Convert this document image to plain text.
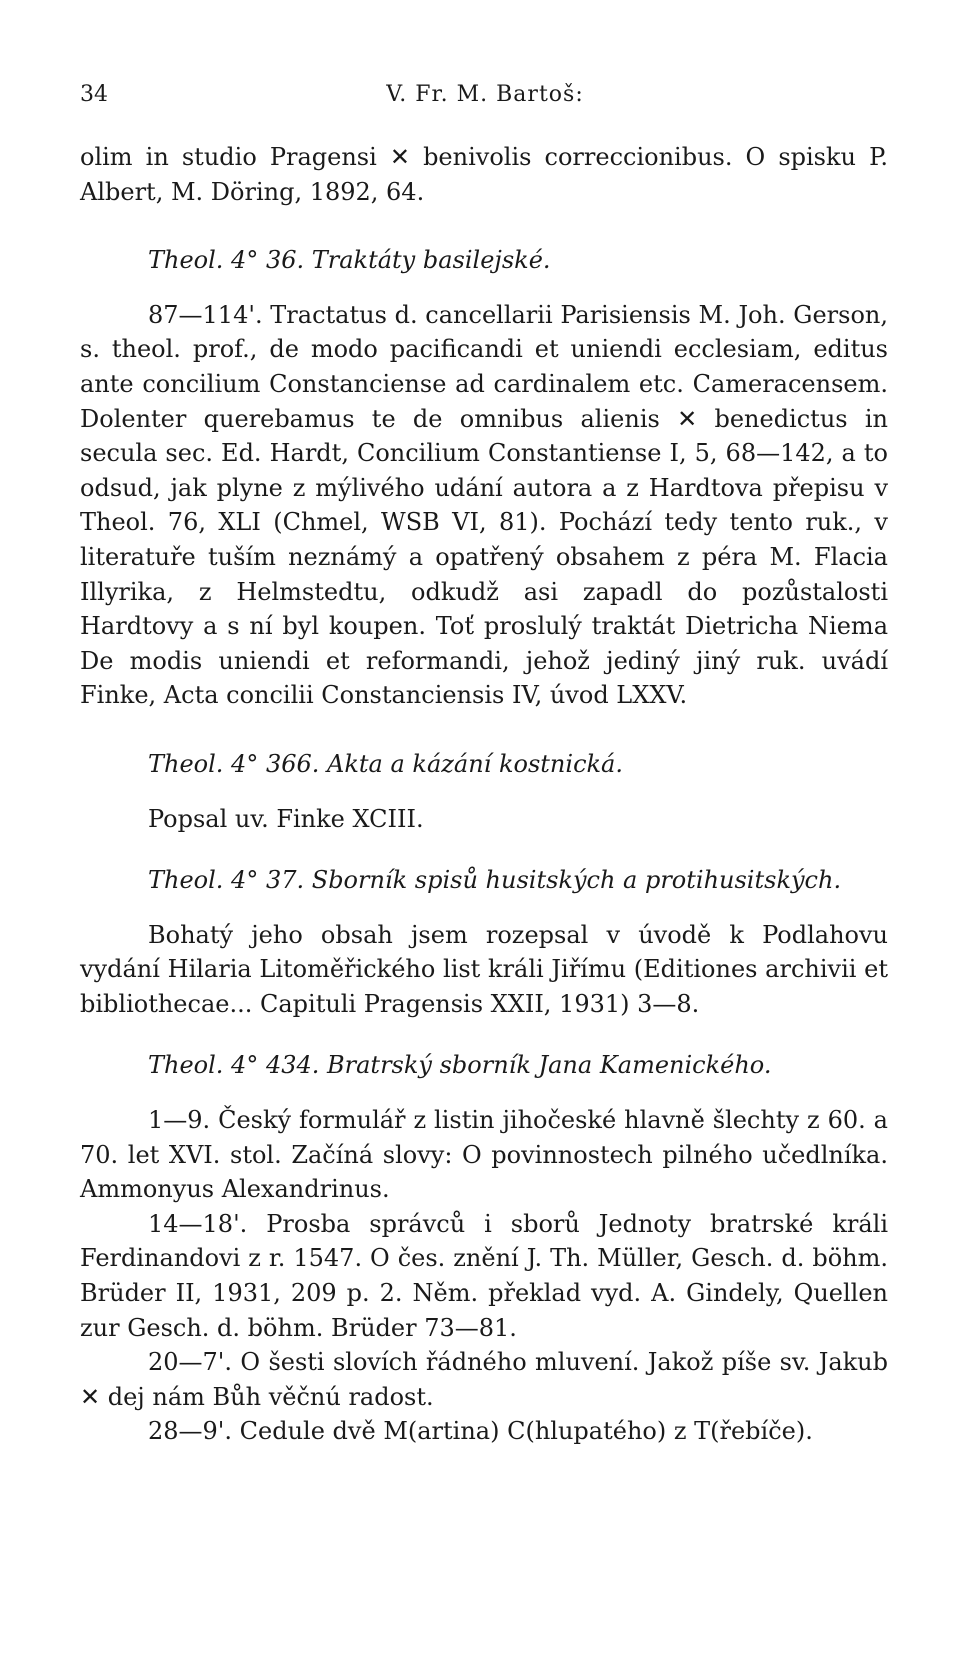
34	V. Fr. M. Bartoš:

olim in studio Pragensi ✕ benivolis correccionibus. O spisku P. Albert, M. Döring, 1892, 64.

Theol. 4° 36. Traktáty basilejské.

87—114'. Tractatus d. cancellarii Parisiensis M. Joh. Gerson, s. theol. prof., de modo pacificandi et uniendi ecclesiam, editus ante concilium Constanciense ad cardinalem etc. Cameracensem. Dolenter querebamus te de omnibus alienis ✕ benedictus in secula sec. Ed. Hardt, Concilium Constantiense I, 5, 68—142, a to odsud, jak plyne z mýlivého udání autora a z Hardtova přepisu v Theol. 76, XLI (Chmel, WSB VI, 81). Pochází tedy tento ruk., v literatuře tuším neznámý a opatřený obsahem z péra M. Flacia Illyrika, z Helmstedtu, odkudž asi zapadl do pozůstalosti Hardtovy a s ní byl koupen. Toť proslulý traktát Dietricha Niema De modis uniendi et reformandi, jehož jediný jiný ruk. uvádí Finke, Acta concilii Constanciensis IV, úvod LXXV.

Theol. 4° 366. Akta a kázání kostnická.

Popsal uv. Finke XCIII.

Theol. 4° 37. Sborník spisů husitských a protihusitských.

Bohatý jeho obsah jsem rozepsal v úvodě k Podlahovu vydání Hilaria Litoměřického list králi Jiřímu (Editiones archivii et bibliothecae... Capituli Pragensis XXII, 1931) 3—8.

Theol. 4° 434. Bratrský sborník Jana Kamenického.

1—9. Český formulář z listin jihočeské hlavně šlechty z 60. a 70. let XVI. stol. Začíná slovy: O povinnostech pilného učedlníka. Ammonyus Alexandrinus.

14—18'. Prosba správců i sborů Jednoty bratrské králi Ferdinandovi z r. 1547. O čes. znění J. Th. Müller, Gesch. d. böhm. Brüder II, 1931, 209 p. 2. Něm. překlad vyd. A. Gindely, Quellen zur Gesch. d. böhm. Brüder 73—81.

20—7'. O šesti slovích řádného mluvení. Jakož píše sv. Jakub ✕ dej nám Bůh věčnú radost.

28—9'. Cedule dvě M(artina) C(hlupatého) z T(řebíče).
